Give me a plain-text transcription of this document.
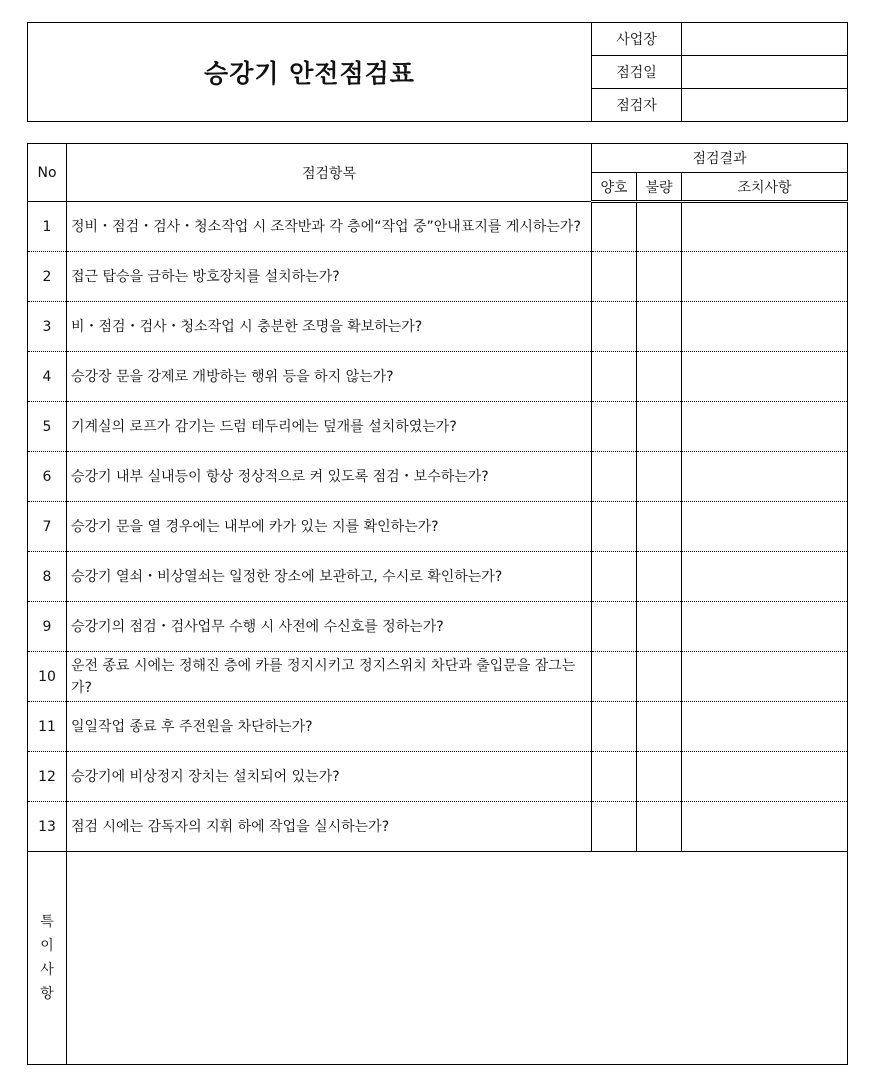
승강기 안전점검표	사업장	
	점검일	
	점검자	
No	점검항목	점검결과		
		양호	불량	조치사항
1	정비・점검・검사・청소작업 시 조작반과 각 층에“작업 중”안내표지를 게시하는가?			
2	접근 탑승을 금하는 방호장치를 설치하는가?			
3	비・점검・검사・청소작업 시 충분한 조명을 확보하는가?			
4	승강장 문을 강제로 개방하는 행위 등을 하지 않는가?			
5	기계실의 로프가 감기는 드럼 테두리에는 덮개를 설치하였는가?			
6	승강기 내부 실내등이 항상 정상적으로 켜 있도록 점검・보수하는가?			
7	승강기 문을 열 경우에는 내부에 카가 있는 지를 확인하는가?			
8	승강기 열쇠・비상열쇠는 일정한 장소에 보관하고, 수시로 확인하는가?			
9	승강기의 점검・검사업무 수행 시 사전에 수신호를 정하는가?			
10	운전 종료 시에는 정해진 층에 카를 정지시키고 정지스위치 차단과 출입문을 잠그는가?			
11	일일작업 종료 후 주전원을 차단하는가?			
12	승강기에 비상정지 장치는 설치되어 있는가?			
13	점검 시에는 감독자의 지휘 하에 작업을 실시하는가?			

특
이
사
항				
